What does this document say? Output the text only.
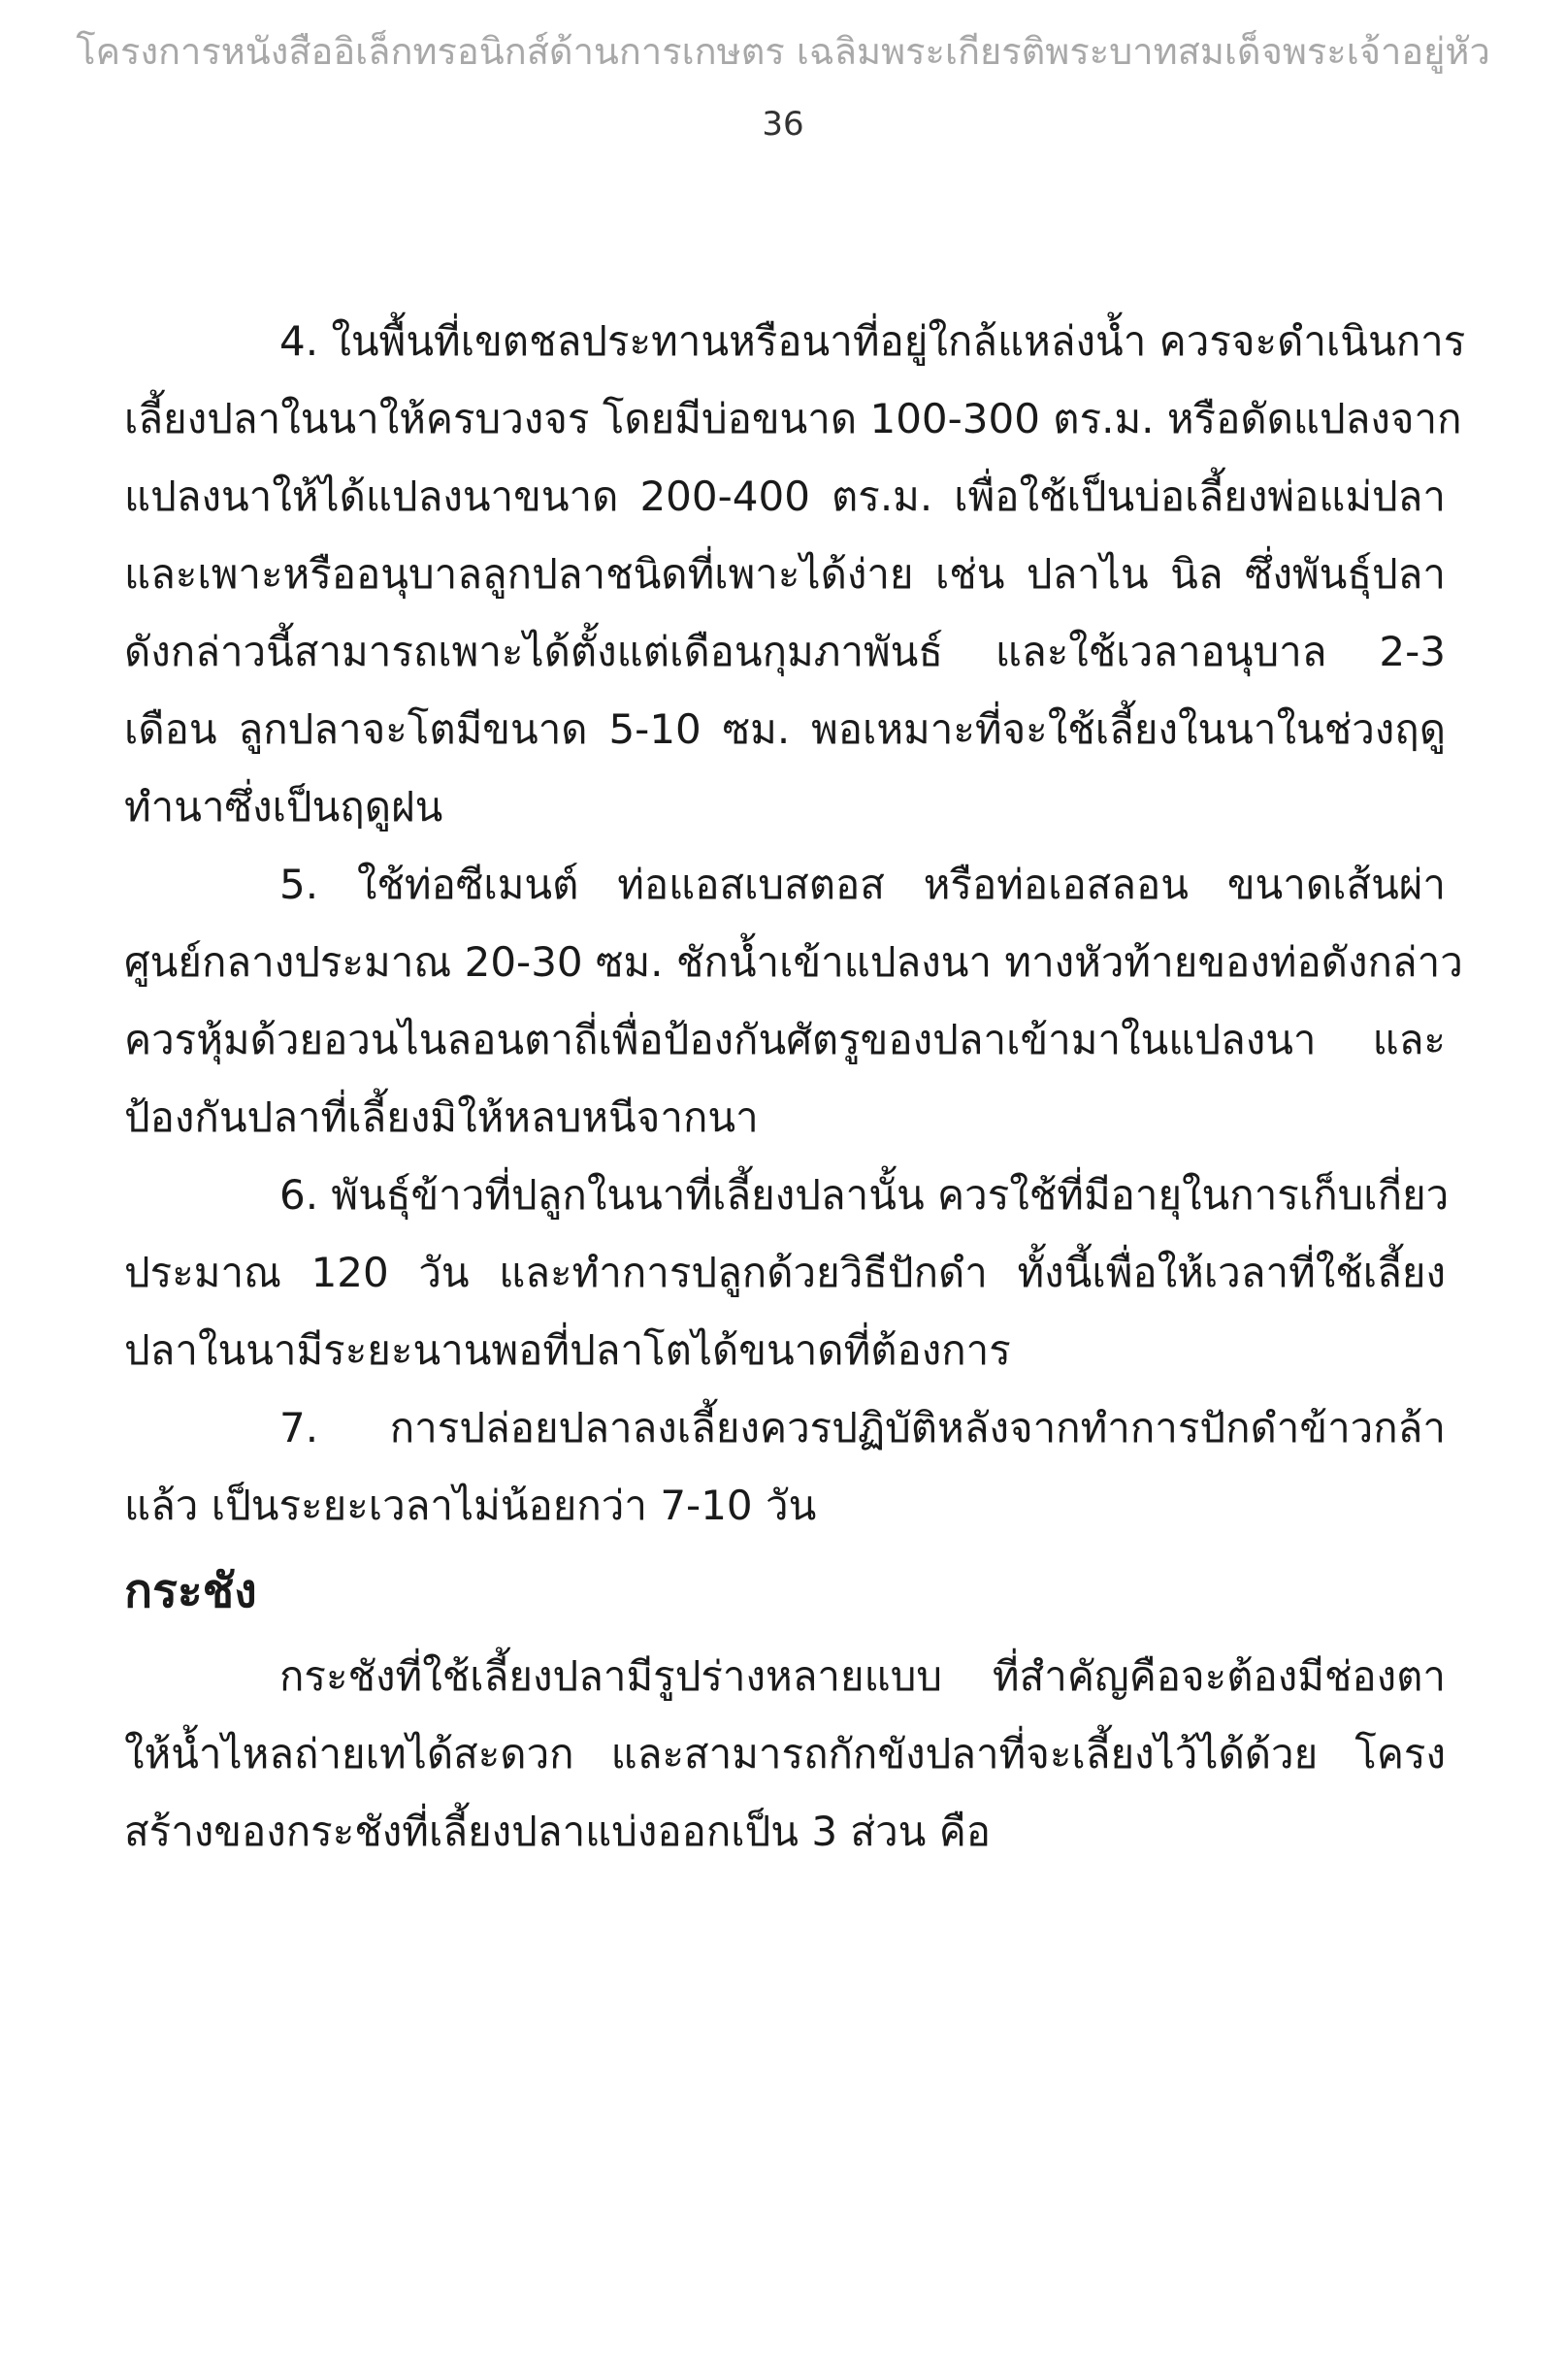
โครงการหนังสืออิเล็กทรอนิกส์ด้านการเกษตร เฉลิมพระเกียรติพระบาทสมเด็จพระเจ้าอยู่หัว
36
4. ในพื้นที่เขตชลประทานหรือนาที่อยู่ใกล้แหล่งน้ำ ควรจะดำเนินการ
เลี้ยงปลาในนาให้ครบวงจร โดยมีบ่อขนาด 100-300 ตร.ม. หรือดัดแปลงจาก
แปลงนาให้ได้แปลงนาขนาด 200-400 ตร.ม. เพื่อใช้เป็นบ่อเลี้ยงพ่อแม่ปลา
และเพาะหรืออนุบาลลูกปลาชนิดที่เพาะได้ง่าย เช่น ปลาไน นิล ซึ่งพันธุ์ปลา
ดังกล่าวนี้สามารถเพาะได้ตั้งแต่เดือนกุมภาพันธ์ และใช้เวลาอนุบาล 2-3
เดือน ลูกปลาจะโตมีขนาด 5-10 ซม. พอเหมาะที่จะใช้เลี้ยงในนาในช่วงฤดู
ทำนาซึ่งเป็นฤดูฝน
5. ใช้ท่อซีเมนต์ ท่อแอสเบสตอส หรือท่อเอสลอน ขนาดเส้นผ่า
ศูนย์กลางประมาณ 20-30 ซม. ชักน้ำเข้าแปลงนา ทางหัวท้ายของท่อดังกล่าว
ควรหุ้มด้วยอวนไนลอนตาถี่เพื่อป้องกันศัตรูของปลาเข้ามาในแปลงนา และ
ป้องกันปลาที่เลี้ยงมิให้หลบหนีจากนา
6. พันธุ์ข้าวที่ปลูกในนาที่เลี้ยงปลานั้น ควรใช้ที่มีอายุในการเก็บเกี่ยว
ประมาณ 120 วัน และทำการปลูกด้วยวิธีปักดำ ทั้งนี้เพื่อให้เวลาที่ใช้เลี้ยง
ปลาในนามีระยะนานพอที่ปลาโตได้ขนาดที่ต้องการ
7. การปล่อยปลาลงเลี้ยงควรปฏิบัติหลังจากทำการปักดำข้าวกล้า
แล้ว เป็นระยะเวลาไม่น้อยกว่า 7-10 วัน
กระชัง
กระชังที่ใช้เลี้ยงปลามีรูปร่างหลายแบบ ที่สำคัญคือจะต้องมีช่องตา
ให้น้ำไหลถ่ายเทได้สะดวก และสามารถกักขังปลาที่จะเลี้ยงไว้ได้ด้วย โครง
สร้างของกระชังที่เลี้ยงปลาแบ่งออกเป็น 3 ส่วน คือ
